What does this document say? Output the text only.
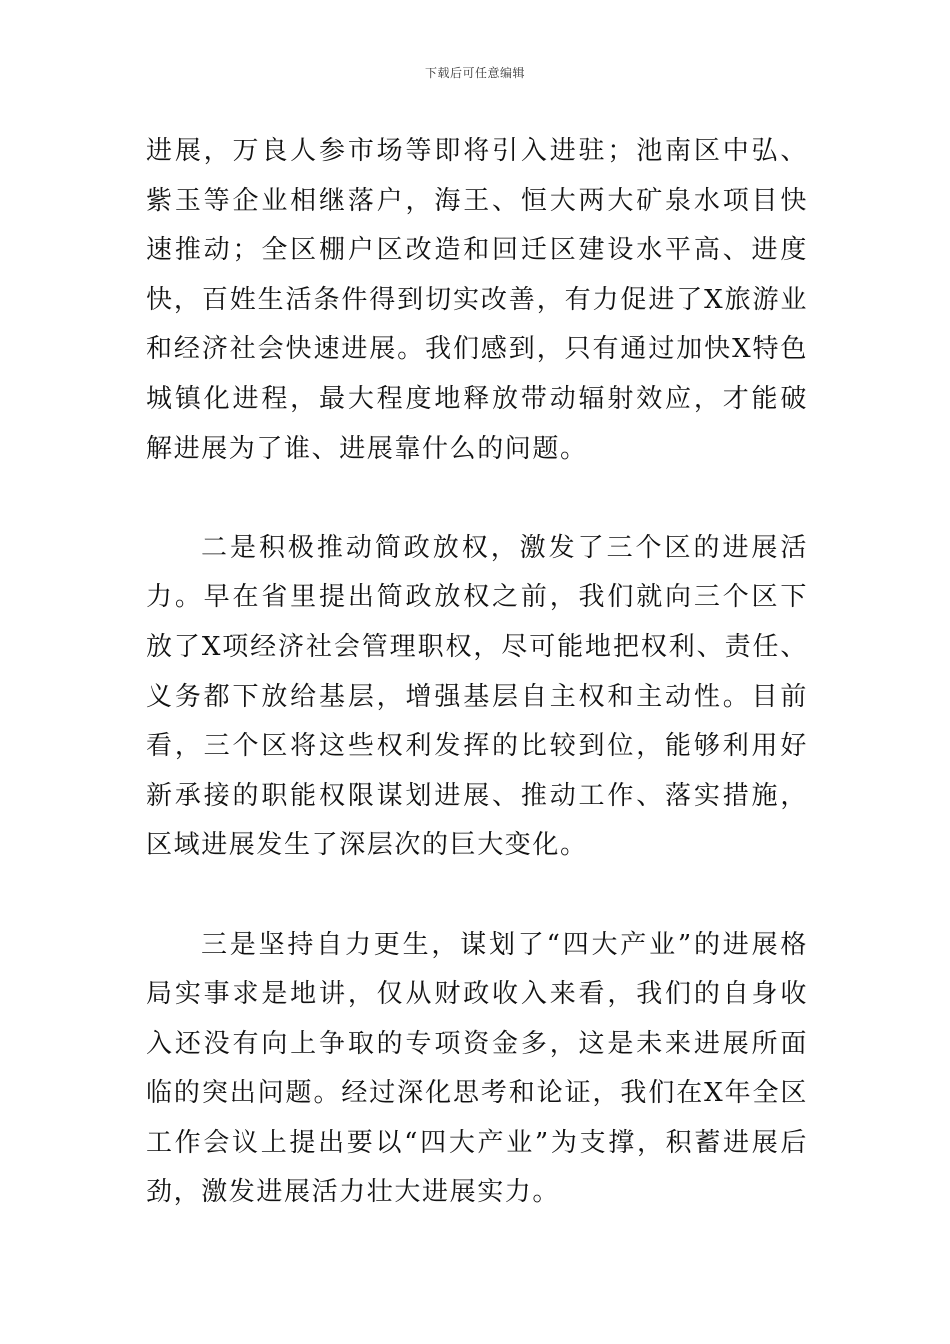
下载后可任意编辑

进展，万良人参市场等即将引入进驻；池南区中弘、紫玉等企业相继落户，海王、恒大两大矿泉水项目快速推动；全区棚户区改造和回迁区建设水平高、进度快，百姓生活条件得到切实改善，有力促进了X旅游业和经济社会快速进展。我们感到，只有通过加快X特色城镇化进程，最大程度地释放带动辐射效应，才能破解进展为了谁、进展靠什么的问题。

二是积极推动简政放权，激发了三个区的进展活力。早在省里提出简政放权之前，我们就向三个区下放了X项经济社会管理职权，尽可能地把权利、责任、义务都下放给基层，增强基层自主权和主动性。目前看，三个区将这些权利发挥的比较到位，能够利用好新承接的职能权限谋划进展、推动工作、落实措施，区域进展发生了深层次的巨大变化。

三是坚持自力更生，谋划了“四大产业”的进展格局实事求是地讲，仅从财政收入来看，我们的自身收入还没有向上争取的专项资金多，这是未来进展所面临的突出问题。经过深化思考和论证，我们在X年全区工作会议上提出要以“四大产业”为支撑，积蓄进展后劲，激发进展活力壮大进展实力。
